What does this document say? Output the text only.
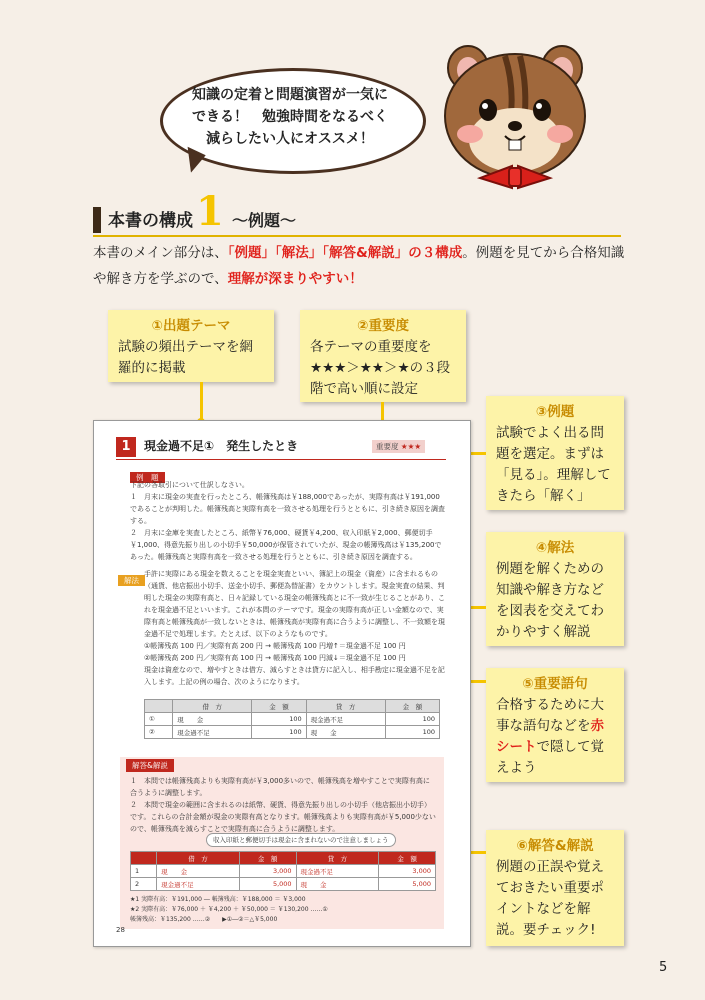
知識の定着と問題演習が一気に
できる！　勉強時間をなるべく
減らしたい人にオススメ！
本書の構成 1 ～例題～
本書のメイン部分は、「例題」「解法」「解答&解説」の３構成。例題を見てから合格知識や解き方を学ぶので、理解が深まりやすい！
①出題テーマ
試験の頻出テーマを網羅的に掲載
②重要度
各テーマの重要度を★★★＞★★＞★の３段階で高い順に設定
③例題
試験でよく出る問題を選定。まずは「見る」。理解してきたら「解く」
④解法
例題を解くための知識や解き方などを図表を交えてわかりやすく解説
⑤重要語句
合格するために大事な語句などを赤シートで隠して覚えよう
⑥解答&解説
例題の正誤や覚えておきたい重要ポイントなどを解説。要チェック!
1	現金過不足①　発生したとき	重要度 ★★★
例　題
下記の各取引について仕訳しなさい。
１　月末に現金の実査を行ったところ、帳簿残高は￥188,000であったが、実際有高は￥191,000であることが判明した。帳簿残高と実際有高を一致させる処理を行うとともに、引き続き原因を調査する。
２　月末に金庫を実査したところ、紙幣￥76,000、硬貨￥4,200、収入印紙￥2,000、郵便切手￥1,000、得意先振り出しの小切手￥50,000が保管されていたが、現金の帳簿残高は￥135,200であった。帳簿残高と実際有高を一致させる処理を行うとともに、引き続き原因を調査する。
解法
手許に実際にある現金を数えることを現金実査といい、簿記上の現金（資産）に含まれるもの（通貨、他店振出小切手、送金小切手、郵便為替証書）をカウントします。現金実査の結果、判明した現金の実際有高と、日々記録している現金の帳簿残高とに不一致が生じることがあり、これを現金過不足といいます。これが本問のテーマです。現金の実際有高が正しい金額なので、実際有高と帳簿残高が一致しないときは、帳簿残高が実際有高に合うように調整し、不一致額を現金過不足で処理します。たとえば、以下のようなものです。
①帳簿残高 100 円／実際有高 200 円 → 帳簿残高 100 円増↑＝現金過不足 100 円
②帳簿残高 200 円／実際有高 100 円 → 帳簿残高 100 円減↓＝現金過不足 100 円
現金は資産なので、増やすときは借方、減らすときは貸方に記入し、相手勘定に現金過不足を記入します。上記の例の場合、次のようになります。
	借　方	金　額	貸　方	金　額
①	現　　金	100	現金過不足	100
②	現金過不足	100	現　　金	100
解答&解説
１　本問では帳簿残高よりも実際有高が￥3,000多いので、帳簿残高を増やすことで実際有高に合うように調整します。
２　本問で現金の範囲に含まれるのは紙幣、硬貨、得意先振り出しの小切手（他店振出小切手）です。これらの合計金額が現金の実際有高となります。帳簿残高よりも実際有高が￥5,000少ないので、帳簿残高を減らすことで実際有高に合うように調整します。
収入印紙と郵便切手は現金に含まれないので注意しましょう
	借　方	金　額	貸　方	金　額
1	現　　金	3,000	現金過不足	3,000
2	現金過不足	5,000	現　　金	5,000
★1 実際有高：￥191,000 ― 帳簿残高：￥188,000 ＝ ￥3,000
★2 実際有高：￥76,000 ＋ ￥4,200 ＋ ￥50,000 ＝ ￥130,200 ……①
帳簿残高：￥135,200 ……②　　▶①―②＝△￥5,000
28
5
